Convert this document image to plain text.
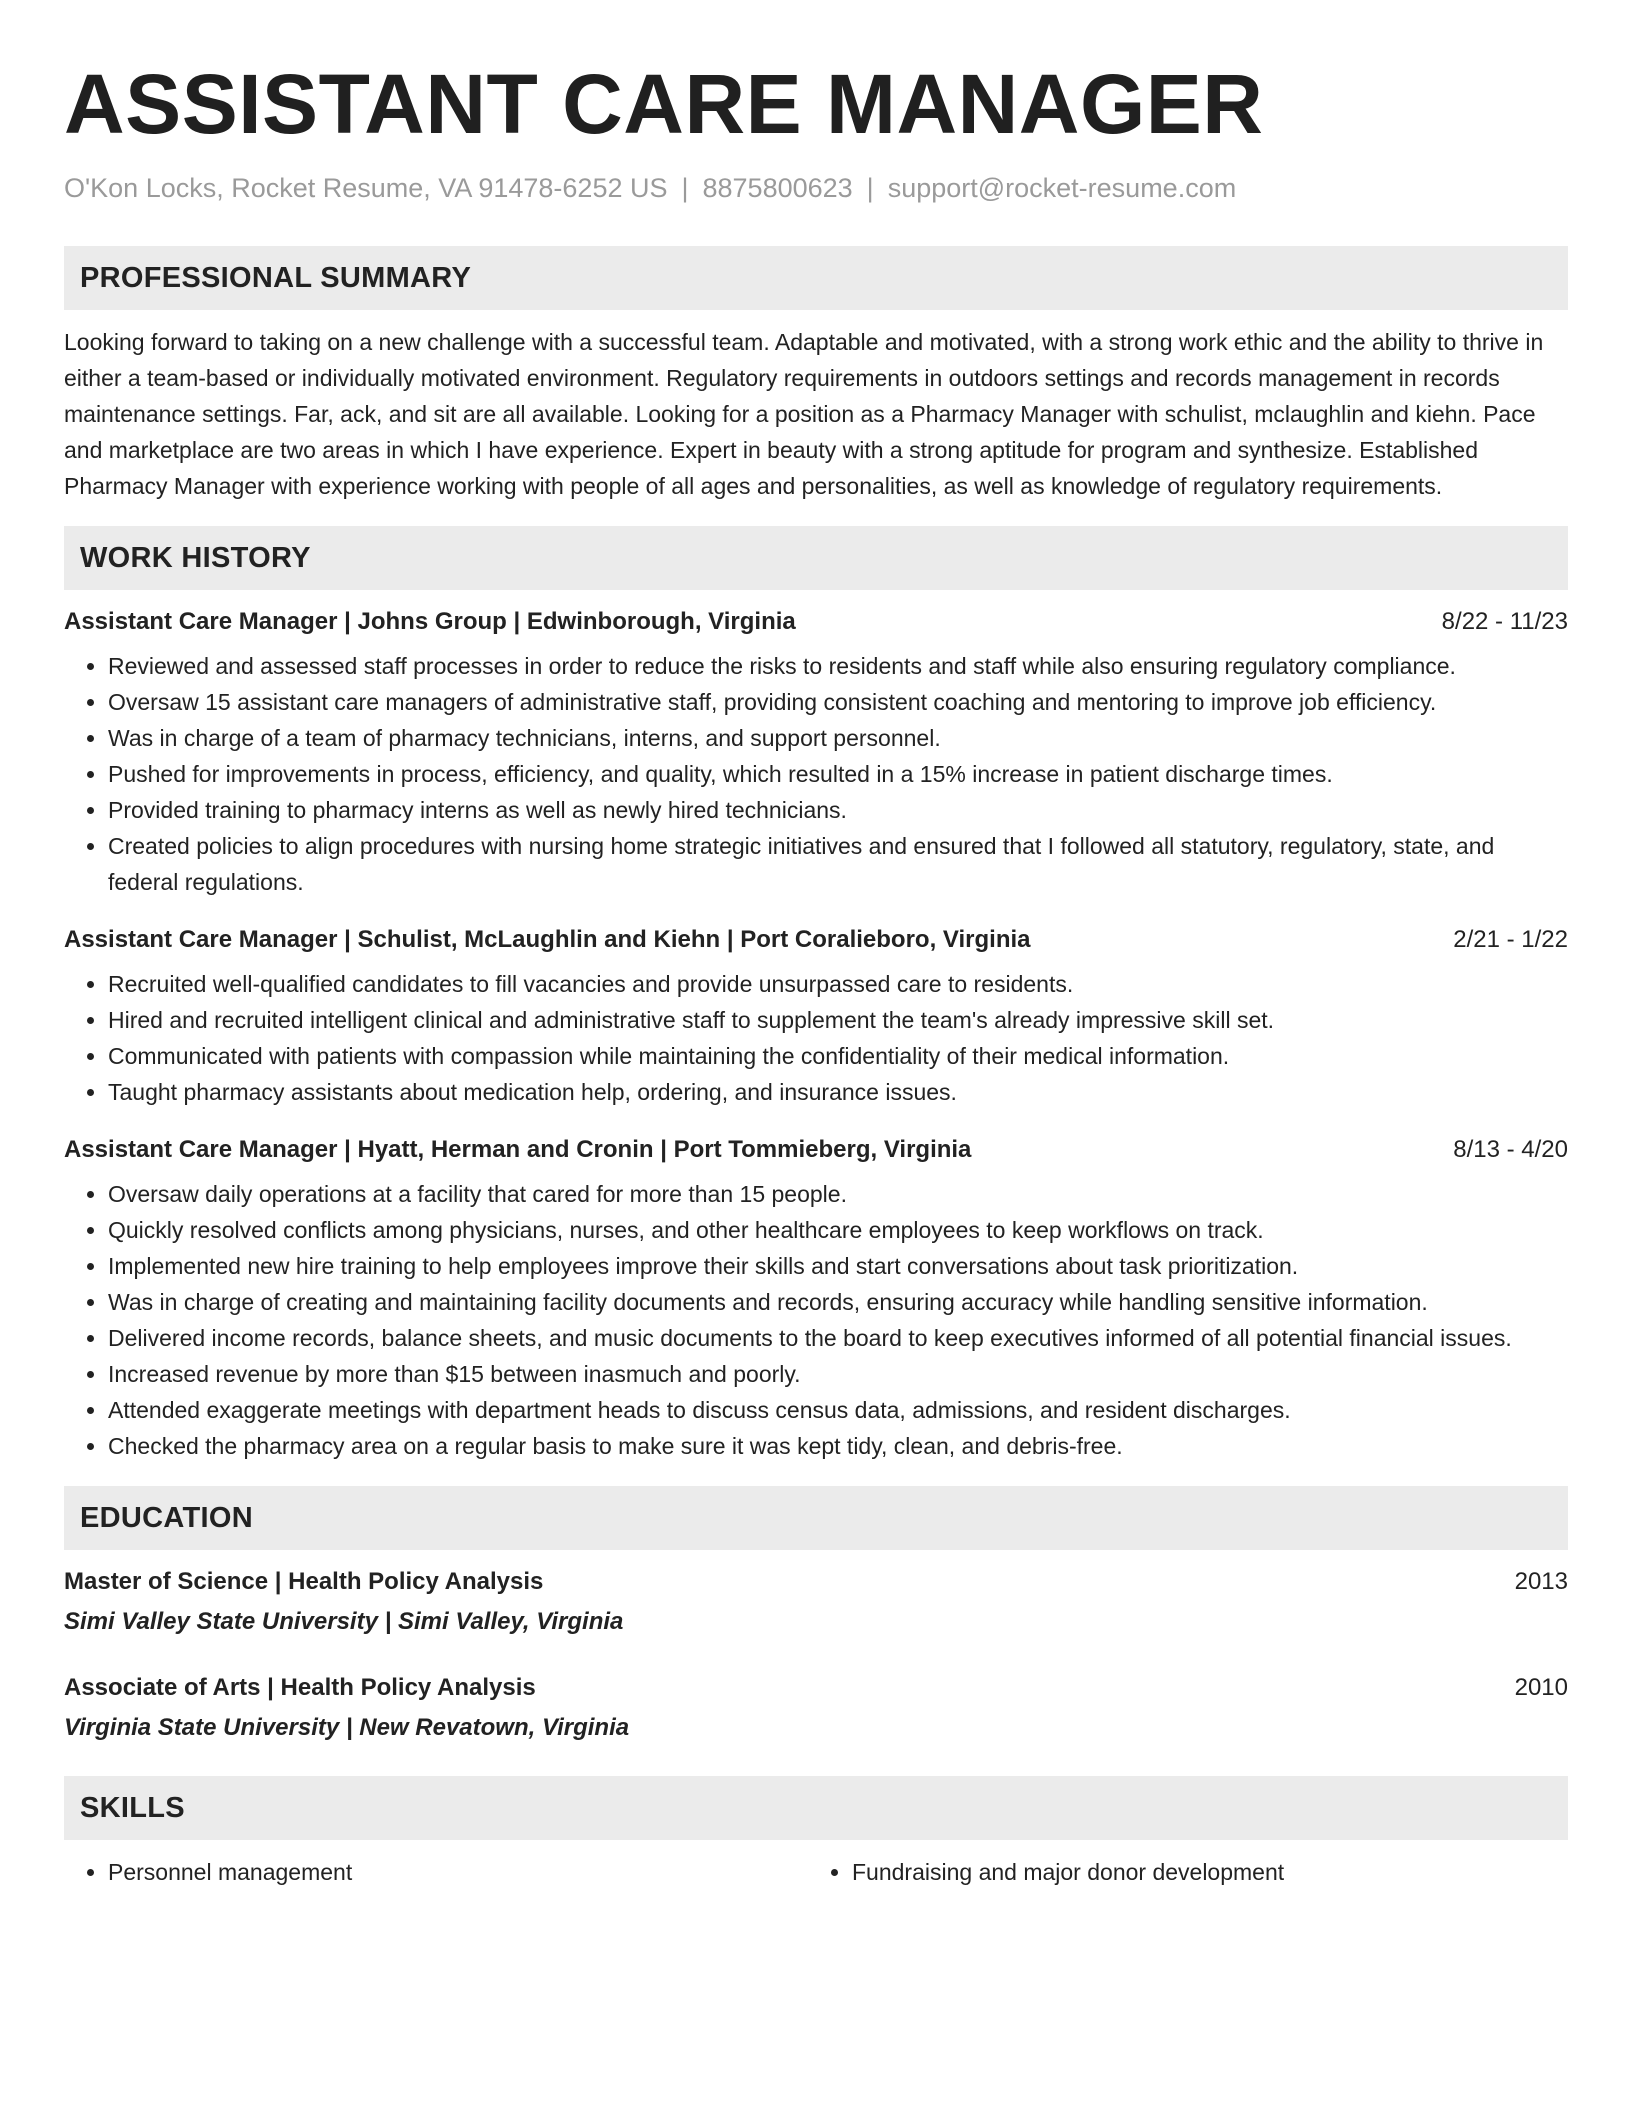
ASSISTANT CARE MANAGER
O'Kon Locks, Rocket Resume, VA 91478-6252 US | 8875800623 | support@rocket-resume.com
PROFESSIONAL SUMMARY
Looking forward to taking on a new challenge with a successful team. Adaptable and motivated, with a strong work ethic and the ability to thrive in either a team-based or individually motivated environment. Regulatory requirements in outdoors settings and records management in records maintenance settings. Far, ack, and sit are all available. Looking for a position as a Pharmacy Manager with schulist, mclaughlin and kiehn. Pace and marketplace are two areas in which I have experience. Expert in beauty with a strong aptitude for program and synthesize. Established Pharmacy Manager with experience working with people of all ages and personalities, as well as knowledge of regulatory requirements.
WORK HISTORY
Assistant Care Manager | Johns Group | Edwinborough, Virginia	8/22 - 11/23
• Reviewed and assessed staff processes in order to reduce the risks to residents and staff while also ensuring regulatory compliance.
• Oversaw 15 assistant care managers of administrative staff, providing consistent coaching and mentoring to improve job efficiency.
• Was in charge of a team of pharmacy technicians, interns, and support personnel.
• Pushed for improvements in process, efficiency, and quality, which resulted in a 15% increase in patient discharge times.
• Provided training to pharmacy interns as well as newly hired technicians.
• Created policies to align procedures with nursing home strategic initiatives and ensured that I followed all statutory, regulatory, state, and federal regulations.
Assistant Care Manager | Schulist, McLaughlin and Kiehn | Port Coralieboro, Virginia	2/21 - 1/22
• Recruited well-qualified candidates to fill vacancies and provide unsurpassed care to residents.
• Hired and recruited intelligent clinical and administrative staff to supplement the team's already impressive skill set.
• Communicated with patients with compassion while maintaining the confidentiality of their medical information.
• Taught pharmacy assistants about medication help, ordering, and insurance issues.
Assistant Care Manager | Hyatt, Herman and Cronin | Port Tommieberg, Virginia	8/13 - 4/20
• Oversaw daily operations at a facility that cared for more than 15 people.
• Quickly resolved conflicts among physicians, nurses, and other healthcare employees to keep workflows on track.
• Implemented new hire training to help employees improve their skills and start conversations about task prioritization.
• Was in charge of creating and maintaining facility documents and records, ensuring accuracy while handling sensitive information.
• Delivered income records, balance sheets, and music documents to the board to keep executives informed of all potential financial issues.
• Increased revenue by more than $15 between inasmuch and poorly.
• Attended exaggerate meetings with department heads to discuss census data, admissions, and resident discharges.
• Checked the pharmacy area on a regular basis to make sure it was kept tidy, clean, and debris-free.
EDUCATION
Master of Science | Health Policy Analysis	2013
Simi Valley State University | Simi Valley, Virginia
Associate of Arts | Health Policy Analysis	2010
Virginia State University | New Revatown, Virginia
SKILLS
• Personnel management
•	Fundraising and major donor development
